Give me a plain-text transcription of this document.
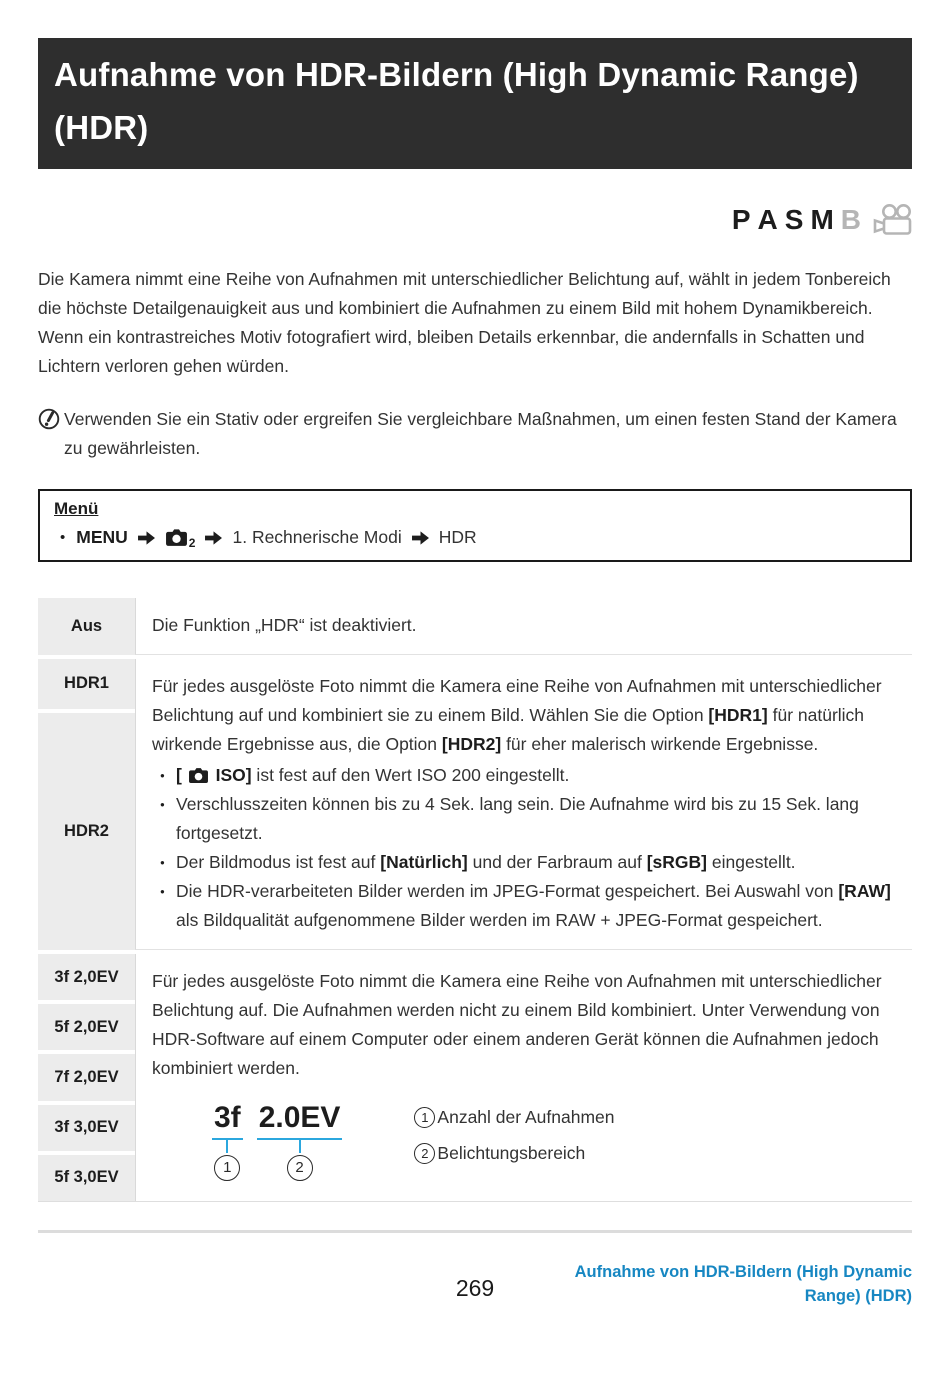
Aufnahme von HDR-Bildern (High Dynamic Range) (HDR)
P A S M B

Die Kamera nimmt eine Reihe von Aufnahmen mit unterschiedlicher Belichtung auf, wählt in jedem Tonbereich die höchste Detailgenauigkeit aus und kombiniert die Aufnahmen zu einem Bild mit hohem Dynamikbereich. Wenn ein kontrastreiches Motiv fotografiert wird, bleiben Details erkennbar, die andernfalls in Schatten und Lichtern verloren gehen würden.

Verwenden Sie ein Stativ oder ergreifen Sie vergleichbare Maßnahmen, um einen festen Stand der Kamera zu gewährleisten.
Menü
• MENU	2 1. Rechnerische Modi HDR
Aus	Die Funktion „HDR“ ist deaktiviert.

HDR1
HDR2

Für jedes ausgelöste Foto nimmt die Kamera eine Reihe von Aufnahmen mit unterschiedlicher Belichtung auf und kombiniert sie zu einem Bild. Wählen Sie die Option [HDR1] für natürlich wirkende Ergebnisse aus, die Option [HDR2] für eher malerisch wirkende Ergebnisse.

● [ ISO] ist fest auf den Wert ISO 200 eingestellt.
● Verschlusszeiten können bis zu 4 Sek. lang sein. Die Aufnahme wird bis zu 15 Sek. lang fortgesetzt.
● Der Bildmodus ist fest auf [Natürlich] und der Farbraum auf [sRGB] eingestellt.
● Die HDR-verarbeiteten Bilder werden im JPEG-Format gespeichert. Bei Auswahl von [RAW] als Bildqualität aufgenommene Bilder werden im RAW + JPEG-Format gespeichert.
3f 2,0EV
5f 2,0EV
7f 2,0EV
3f 3,0EV
5f 3,0EV

Für jedes ausgelöste Foto nimmt die Kamera eine Reihe von Aufnahmen mit unterschiedlicher Belichtung auf. Die Aufnahmen werden nicht zu einem Bild kombiniert. Unter Verwendung von HDR-Software auf einem Computer oder einem anderen Gerät können die Aufnahmen jedoch kombiniert werden.

3f
1
2.0EV
2
1 Anzahl der Aufnahmen
2 Belichtungsbereich
269
Aufnahme von HDR-Bildern (High Dynamic Range) (HDR)
